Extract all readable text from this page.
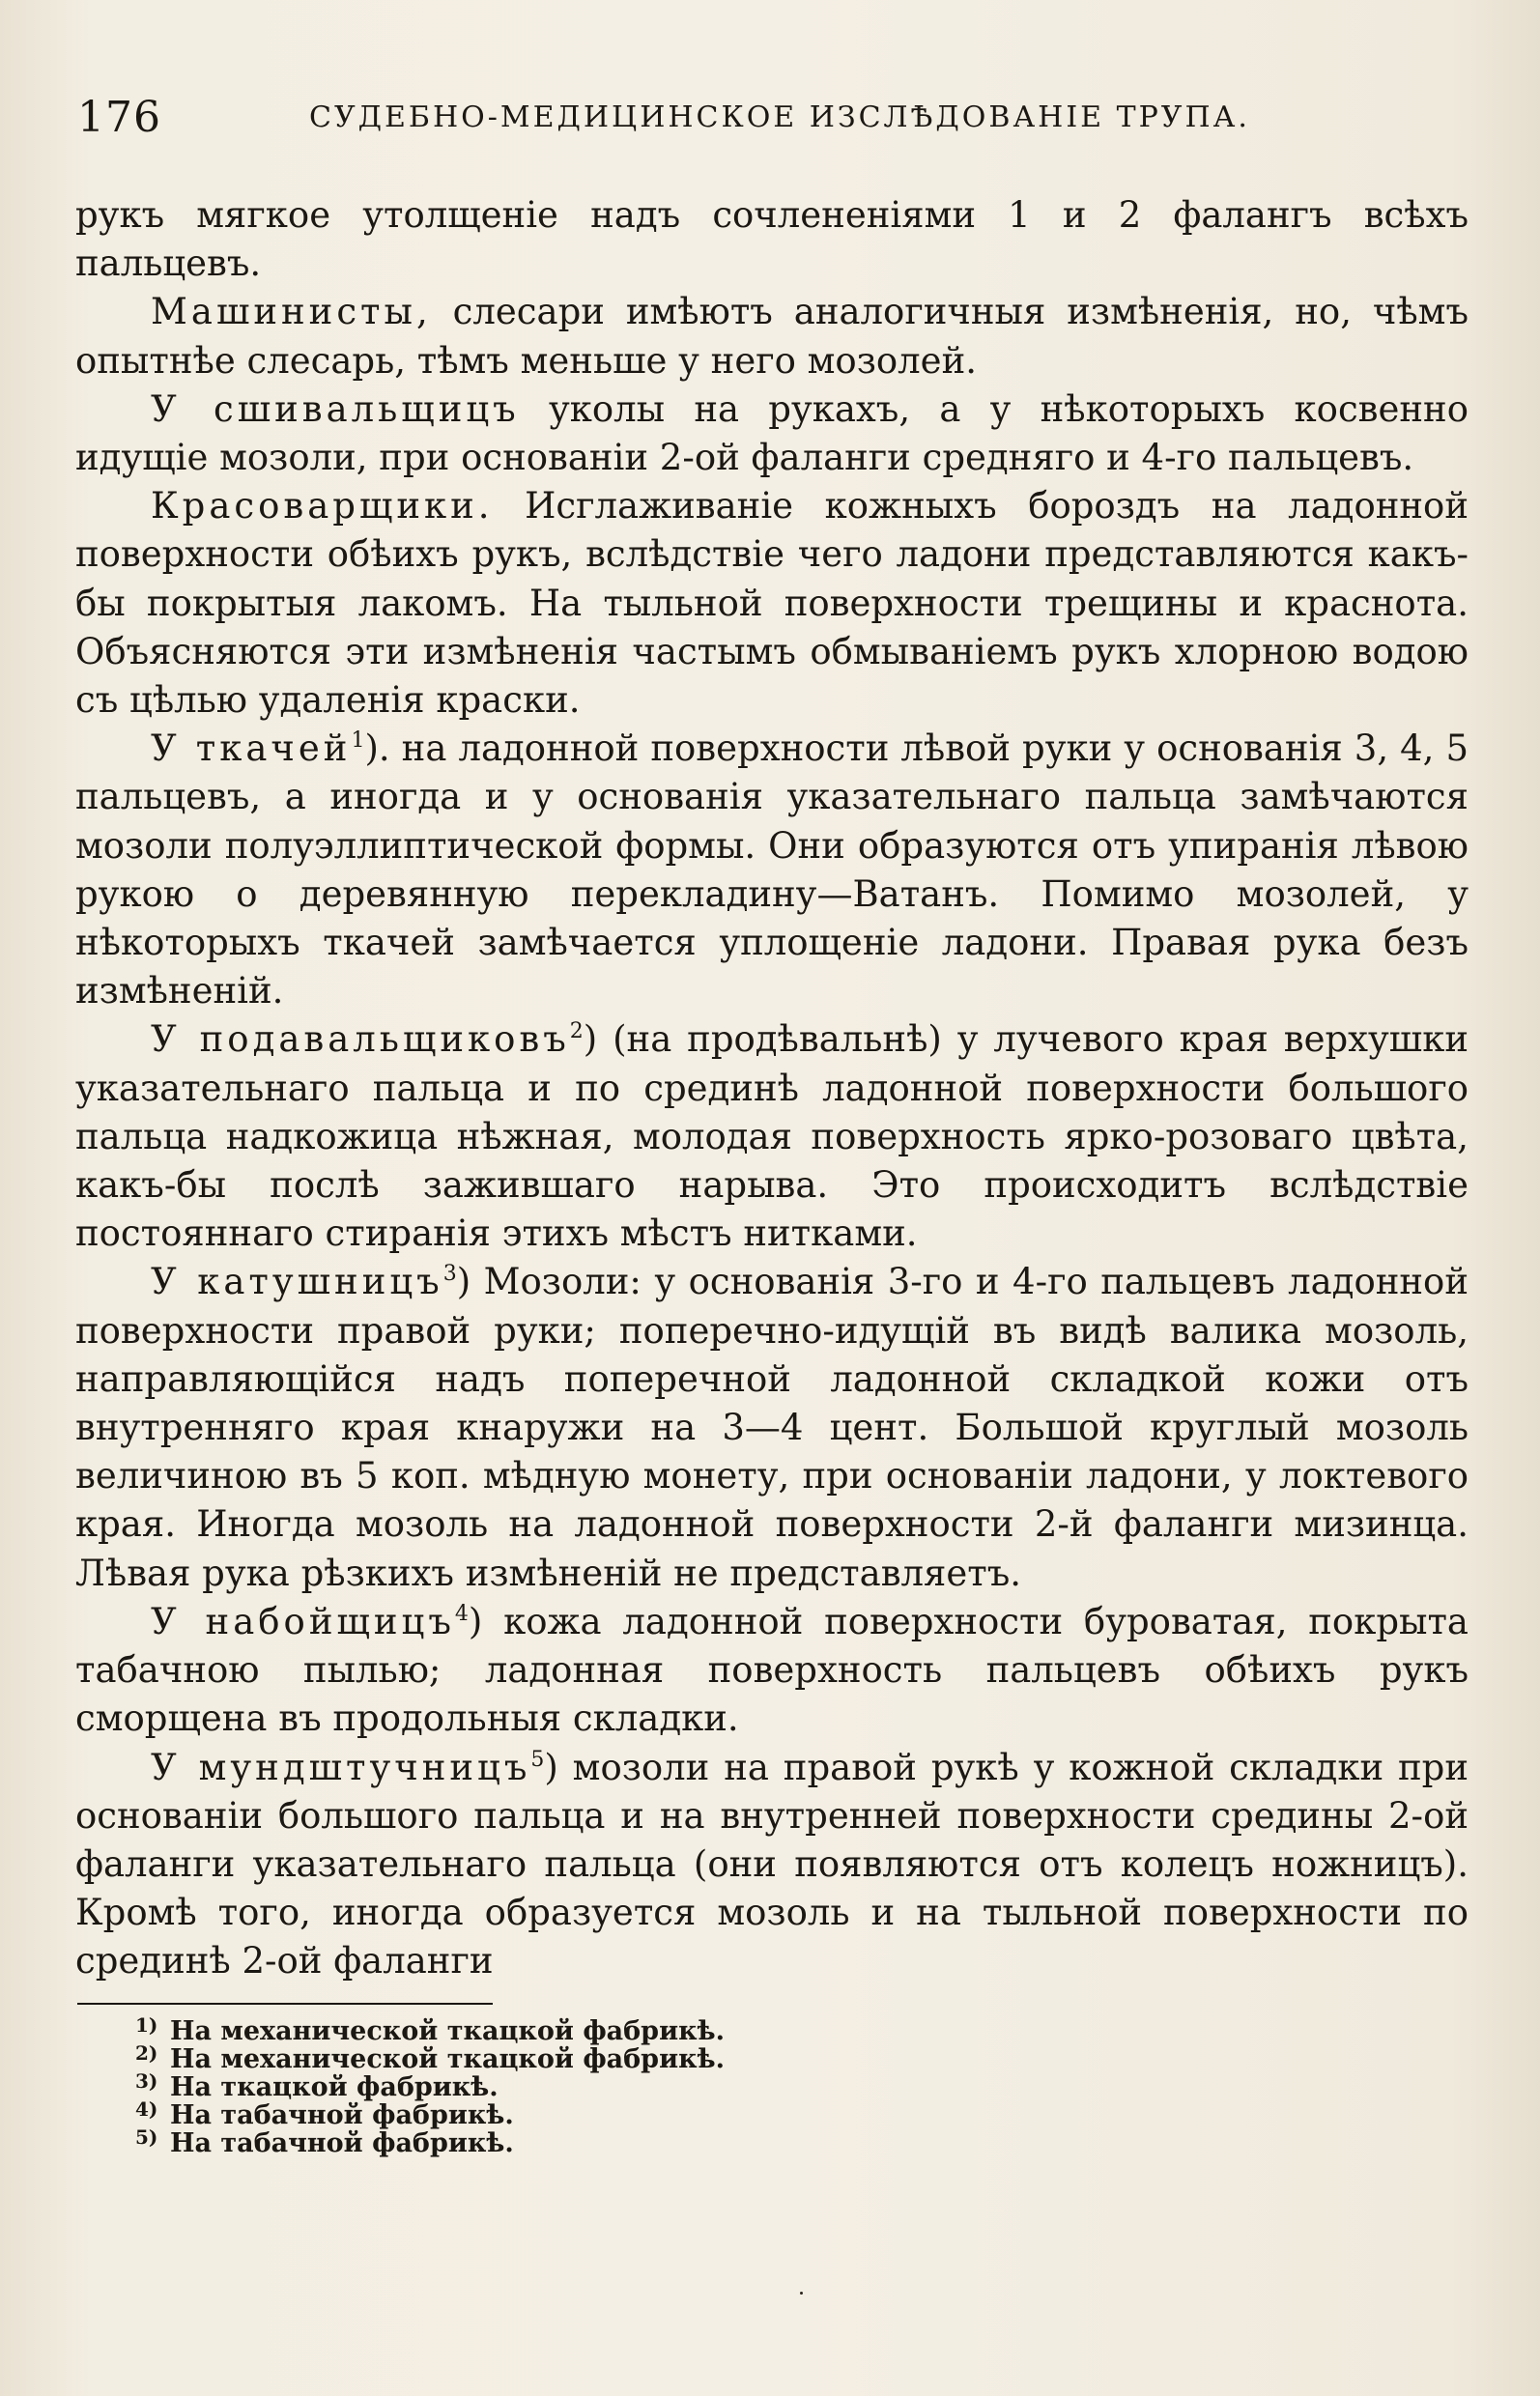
176	СУДЕБНО-МЕДИЦИНСКОЕ ИЗСЛѢДОВАНІЕ ТРУПА.

рукъ мягкое утолщеніе надъ сочлененіями 1 и 2 фалангъ всѣхъ пальцевъ.

Машинисты, слесари имѣютъ аналогичныя измѣненія, но, чѣмъ опытнѣе слесарь, тѣмъ меньше у него мозолей.

У сшивальщицъ уколы на рукахъ, а у нѣкоторыхъ косвенно идущіе мозоли, при основаніи 2-ой фаланги средняго и 4-го пальцевъ.

Красоварщики. Исглаживаніе кожныхъ бороздъ на ладонной поверхности обѣихъ рукъ, вслѣдствіе чего ладони представляются какъ-бы покрытыя лакомъ. На тыльной поверхности трещины и краснота. Объясняются эти измѣненія частымъ обмываніемъ рукъ хлорною водою съ цѣлью удаленія краски.

У ткачей$^1$). на ладонной поверхности лѣвой руки у основанія 3, 4, 5 пальцевъ, а иногда и у основанія указательнаго пальца замѣчаются мозоли полуэллиптической формы. Они образуются отъ упиранія лѣвою рукою о деревянную перекладину—Ватанъ. Помимо мозолей, у нѣкоторыхъ ткачей замѣчается уплощеніе ладони. Правая рука безъ измѣненій.

У подавальщиковъ$^2$) (на продѣвальнѣ) у лучевого края верхушки указательнаго пальца и по срединѣ ладонной поверхности большого пальца надкожица нѣжная, молодая поверхность ярко-розоваго цвѣта, какъ-бы послѣ зажившаго нарыва. Это происходитъ вслѣдствіе постояннаго стиранія этихъ мѣстъ нитками.

У катушницъ$^3$) Мозоли: у основанія 3-го и 4-го пальцевъ ладонной поверхности правой руки; поперечно-идущій въ видѣ валика мозоль, направляющійся надъ поперечной ладонной складкой кожи отъ внутренняго края кнаружи на 3—4 цент. Большой круглый мозоль величиною въ 5 коп. мѣдную монету, при основаніи ладони, у локтевого края. Иногда мозоль на ладонной поверхности 2-й фаланги мизинца. Лѣвая рука рѣзкихъ измѣненій не представляетъ.

У набойщицъ$^4$) кожа ладонной поверхности буроватая, покрыта табачною пылью; ладонная поверхность пальцевъ обѣихъ рукъ сморщена въ продольныя складки.

У мундштучницъ$^5$) мозоли на правой рукѣ у кожной складки при основаніи большого пальца и на внутренней поверхности средины 2-ой фаланги указательнаго пальца (они появляются отъ колецъ ножницъ). Кромѣ того, иногда образуется мозоль и на тыльной поверхности по срединѣ 2-ой фаланги

1) На механической ткацкой фабрикѣ.

2) На механической ткацкой фабрикѣ.

3) На ткацкой фабрикѣ.

4) На табачной фабрикѣ.

5) На табачной фабрикѣ.
